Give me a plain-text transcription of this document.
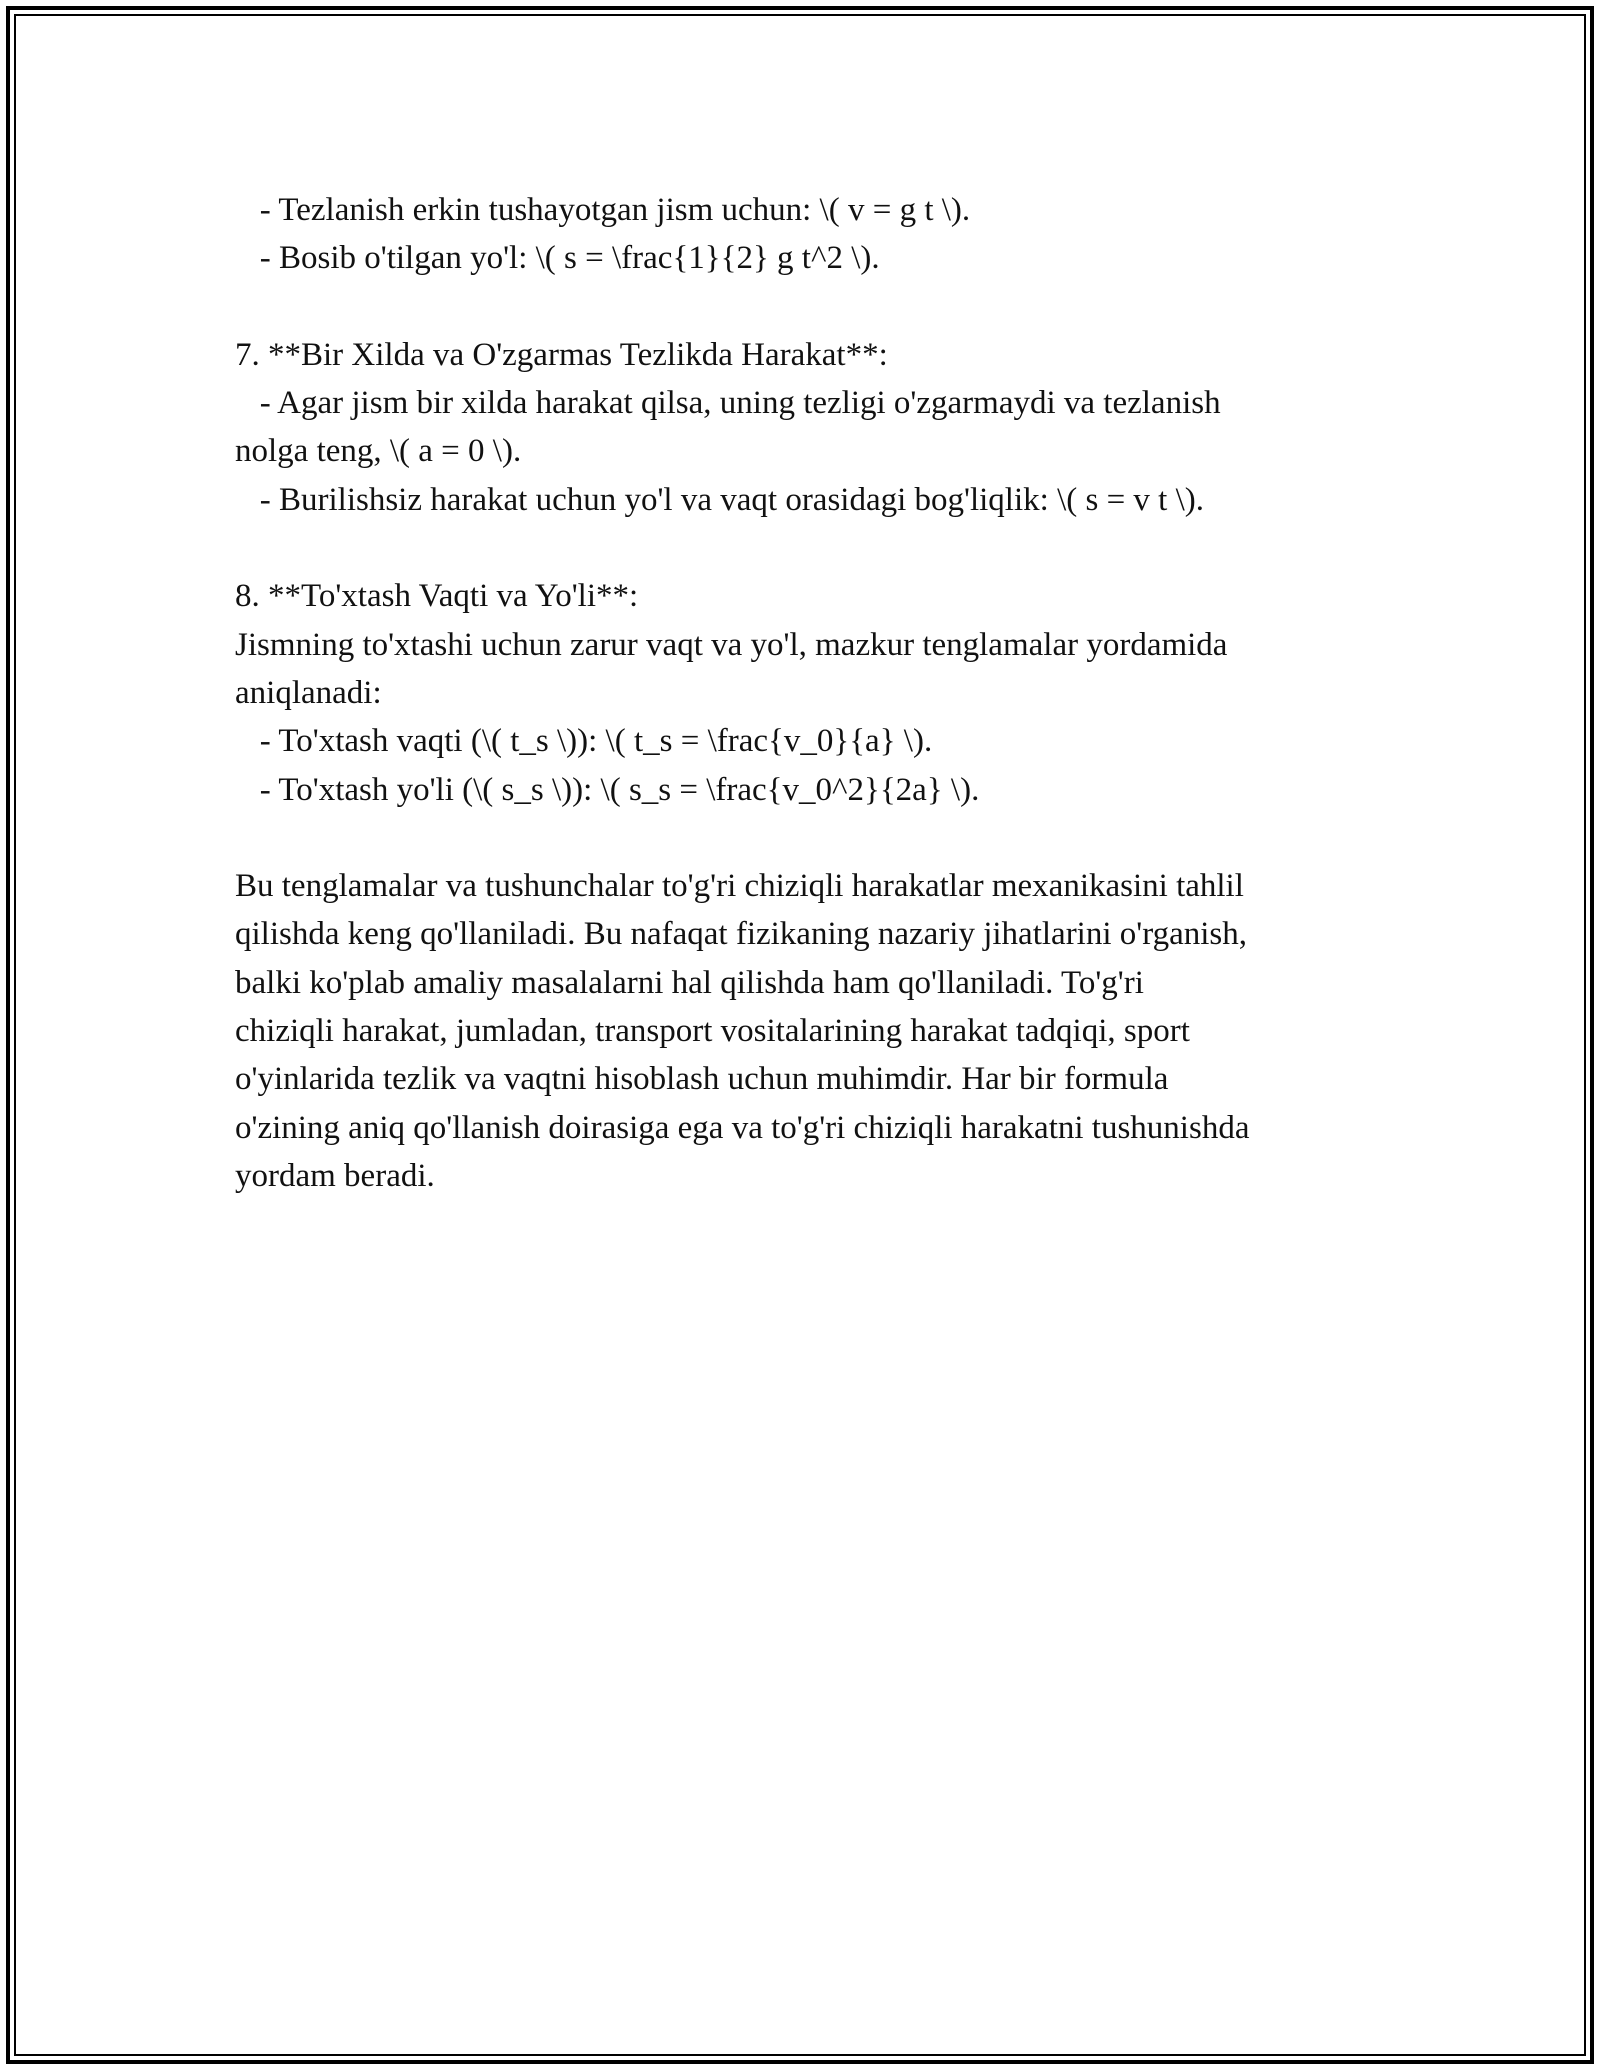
- Tezlanish erkin tushayotgan jism uchun: \( v = g t \).
- Bosib o'tilgan yo'l: \( s = \frac{1}{2} g t^2 \).
7. **Bir Xilda va O'zgarmas Tezlikda Harakat**:
- Agar jism bir xilda harakat qilsa, uning tezligi o'zgarmaydi va tezlanish
nolga teng, \( a = 0 \).
- Burilishsiz harakat uchun yo'l va vaqt orasidagi bog'liqlik: \( s = v t \).
8. **To'xtash Vaqti va Yo'li**:
Jismning to'xtashi uchun zarur vaqt va yo'l, mazkur tenglamalar yordamida
aniqlanadi:
- To'xtash vaqti (\( t_s \)): \( t_s = \frac{v_0}{a} \).
- To'xtash yo'li (\( s_s \)): \( s_s = \frac{v_0^2}{2a} \).
Bu tenglamalar va tushunchalar to'g'ri chiziqli harakatlar mexanikasini tahlil
qilishda keng qo'llaniladi. Bu nafaqat fizikaning nazariy jihatlarini o'rganish,
balki ko'plab amaliy masalalarni hal qilishda ham qo'llaniladi. To'g'ri
chiziqli harakat, jumladan, transport vositalarining harakat tadqiqi, sport
o'yinlarida tezlik va vaqtni hisoblash uchun muhimdir. Har bir formula
o'zining aniq qo'llanish doirasiga ega va to'g'ri chiziqli harakatni tushunishda
yordam beradi.
